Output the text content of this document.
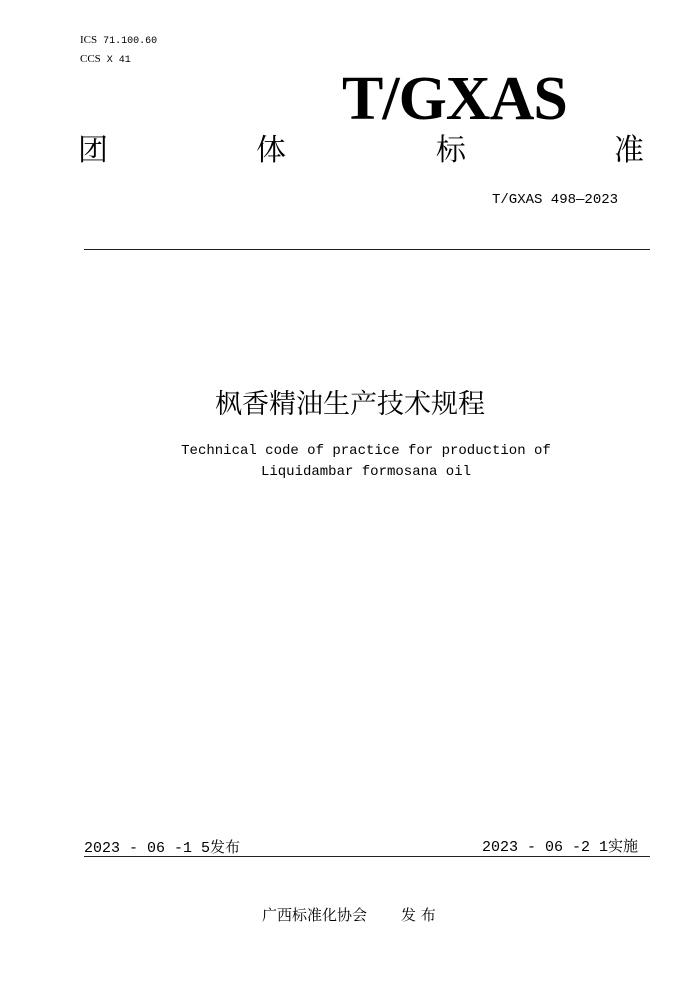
ICS 71.100.60
CCS X 41
T/GXAS
团	体	标	准
T/GXAS 498—2023
枫香精油生产技术规程
Technical code of practice for production of
Liquidambar formosana oil
2023 - 06 -1 5发布	2023 - 06 -2 1实施
广西标准化协会 发 布
